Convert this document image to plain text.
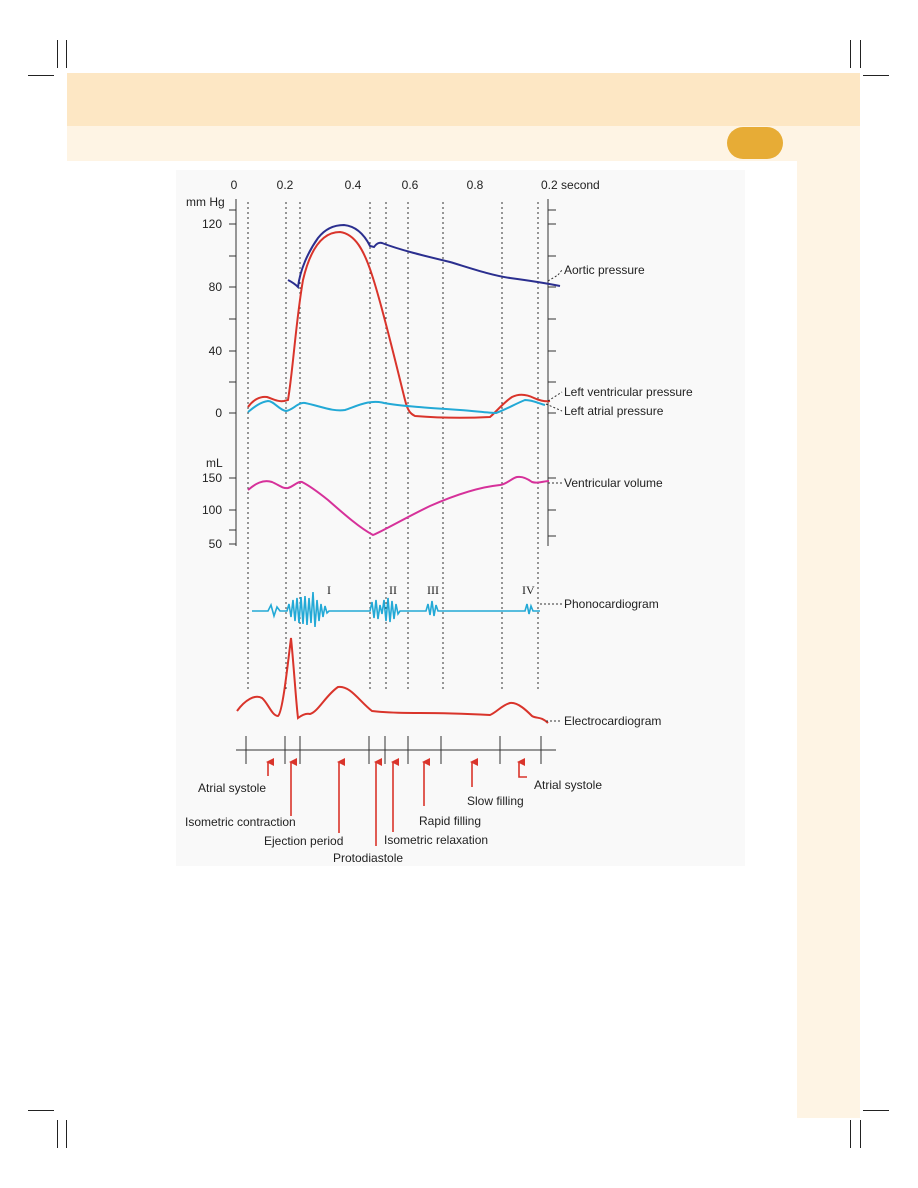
0	0.2	0.4	0.6	0.8	0.2 second
mm Hg
120
80
40
0
mL
150
100
50
I	II	III	IV
Aortic pressure
Left ventricular pressure
Left atrial pressure
Ventricular volume
Phonocardiogram
Electrocardiogram
Atrial systole
Isometric contraction
Ejection period
Protodiastole
Isometric relaxation
Rapid filling
Slow filling
Atrial systole
